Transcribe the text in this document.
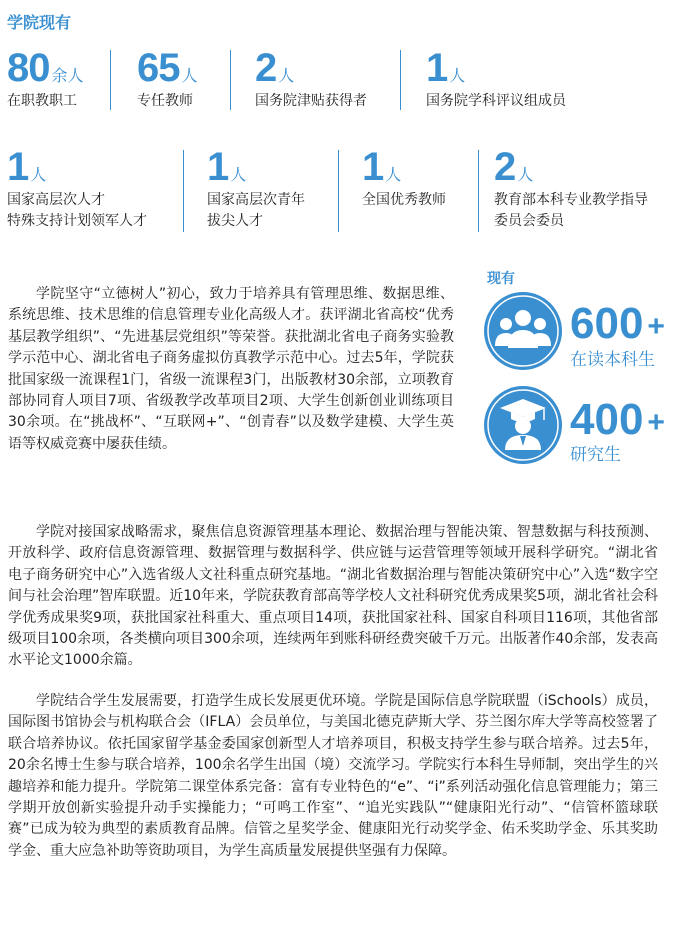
学院现有
80 余人
在职教职工
65 人
专任教师
2 人
国务院津贴获得者
1 人
国务院学科评议组成员
1 人
国家高层次人才
特殊支持计划领军人才
1 人
国家高层次青年
拔尖人才
1 人
全国优秀教师
2 人
教育部本科专业教学指导
委员会委员

学院坚守“立德树人”初心，致力于培养具有管理思维、数据思维、系统思维、技术思维的信息管理专业化高级人才。获评湖北省高校“优秀基层教学组织”、“先进基层党组织”等荣誉。获批湖北省电子商务实验教学示范中心、湖北省电子商务虚拟仿真教学示范中心。过去5年，学院获批国家级一流课程1门，省级一流课程3门，出版教材30余部，立项教育部协同育人项目7项、省级教学改革项目2项、大学生创新创业训练项目30余项。在“挑战杯”、“互联网+”、“创青春”以及数学建模、大学生英语等权威竞赛中屡获佳绩。

现有
600 +
在读本科生
400 +
研究生

学院对接国家战略需求，聚焦信息资源管理基本理论、数据治理与智能决策、智慧数据与科技预测、开放科学、政府信息资源管理、数据管理与数据科学、供应链与运营管理等领域开展科学研究。“湖北省电子商务研究中心”入选省级人文社科重点研究基地。“湖北省数据治理与智能决策研究中心”入选“数字空间与社会治理”智库联盟。近10年来，学院获教育部高等学校人文社科研究优秀成果奖5项，湖北省社会科学优秀成果奖9项，获批国家社科重大、重点项目14项，获批国家社科、国家自科项目116项，其他省部级项目100余项，各类横向项目300余项，连续两年到账科研经费突破千万元。出版著作40余部，发表高水平论文1000余篇。

学院结合学生发展需要，打造学生成长发展更优环境。学院是国际信息学院联盟（iSchools）成员，国际图书馆协会与机构联合会（IFLA）会员单位，与美国北德克萨斯大学、芬兰图尔库大学等高校签署了联合培养协议。依托国家留学基金委国家创新型人才培养项目，积极支持学生参与联合培养。过去5年，20余名博士生参与联合培养，100余名学生出国（境）交流学习。学院实行本科生导师制，突出学生的兴趣培养和能力提升。学院第二课堂体系完备：富有专业特色的“e”、“i”系列活动强化信息管理能力；第三学期开放创新实验提升动手实操能力；“可鸣工作室”、“追光实践队”“健康阳光行动”、“信管杯篮球联赛”已成为较为典型的素质教育品牌。信管之星奖学金、健康阳光行动奖学金、佑禾奖助学金、乐其奖助学金、重大应急补助等资助项目，为学生高质量发展提供坚强有力保障。
